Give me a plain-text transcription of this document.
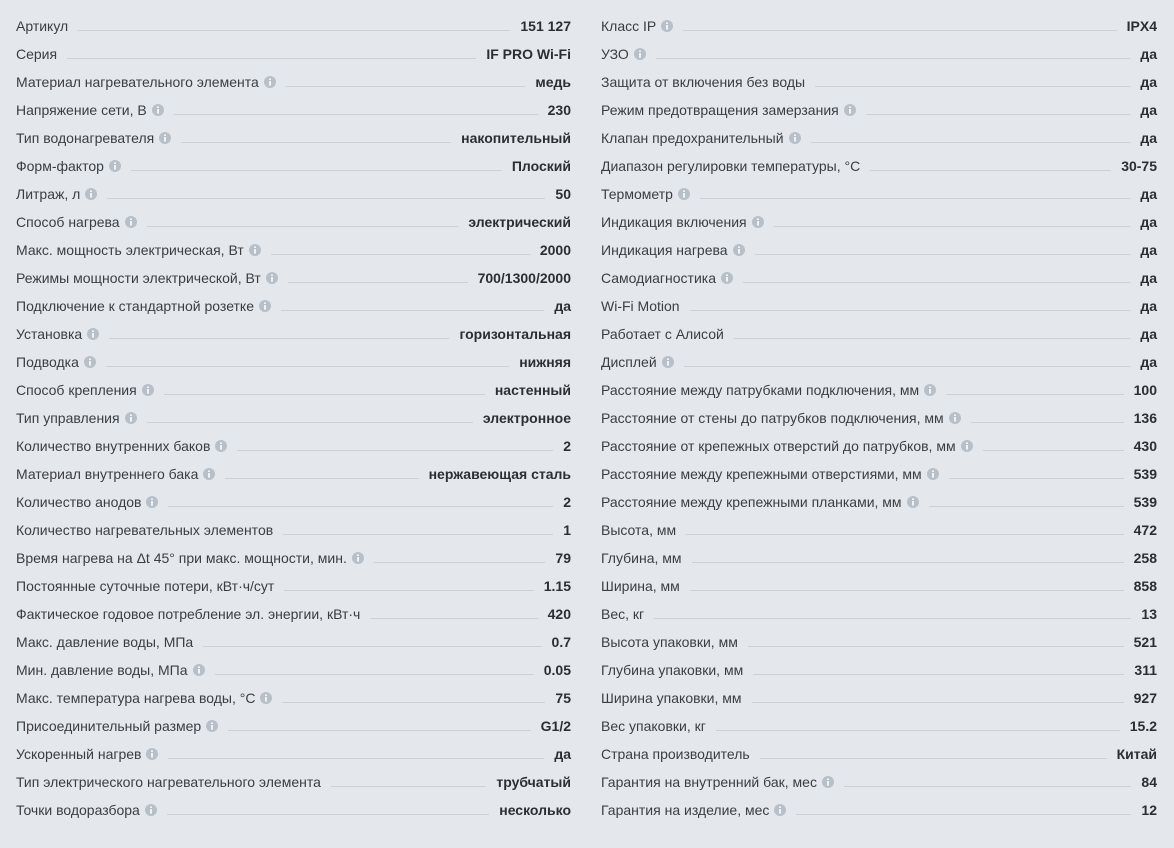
Артикул	151 127
Серия	IF PRO Wi-Fi
Материал нагревательного элемента	медь
Напряжение сети, В	230
Тип водонагревателя	накопительный
Форм-фактор	Плоский
Литраж, л	50
Способ нагрева	электрический
Макс. мощность электрическая, Вт	2000
Режимы мощности электрической, Вт	700/1300/2000
Подключение к стандартной розетке	да
Установка	горизонтальная
Подводка	нижняя
Способ крепления	настенный
Тип управления	электронное
Количество внутренних баков	2
Материал внутреннего бака	нержавеющая сталь
Количество анодов	2
Количество нагревательных элементов	1
Время нагрева на Δt 45° при макс. мощности, мин.	79
Постоянные суточные потери, кВт·ч/сут	1.15
Фактическое годовое потребление эл. энергии, кВт·ч	420
Макс. давление воды, МПа	0.7
Мин. давление воды, МПа	0.05
Макс. температура нагрева воды, °С	75
Присоединительный размер	G1/2
Ускоренный нагрев	да
Тип электрического нагревательного элемента	трубчатый
Точки водоразбора	несколько
Класс IP	IPX4
УЗО	да
Защита от включения без воды	да
Режим предотвращения замерзания	да
Клапан предохранительный	да
Диапазон регулировки температуры, °С	30-75
Термометр	да
Индикация включения	да
Индикация нагрева	да
Самодиагностика	да
Wi-Fi Motion	да
Работает с Алисой	да
Дисплей	да
Расстояние между патрубками подключения, мм	100
Расстояние от стены до патрубков подключения, мм	136
Расстояние от крепежных отверстий до патрубков, мм	430
Расстояние между крепежными отверстиями, мм	539
Расстояние между крепежными планками, мм	539
Высота, мм	472
Глубина, мм	258
Ширина, мм	858
Вес, кг	13
Высота упаковки, мм	521
Глубина упаковки, мм	311
Ширина упаковки, мм	927
Вес упаковки, кг	15.2
Страна производитель	Китай
Гарантия на внутренний бак, мес	84
Гарантия на изделие, мес	12
